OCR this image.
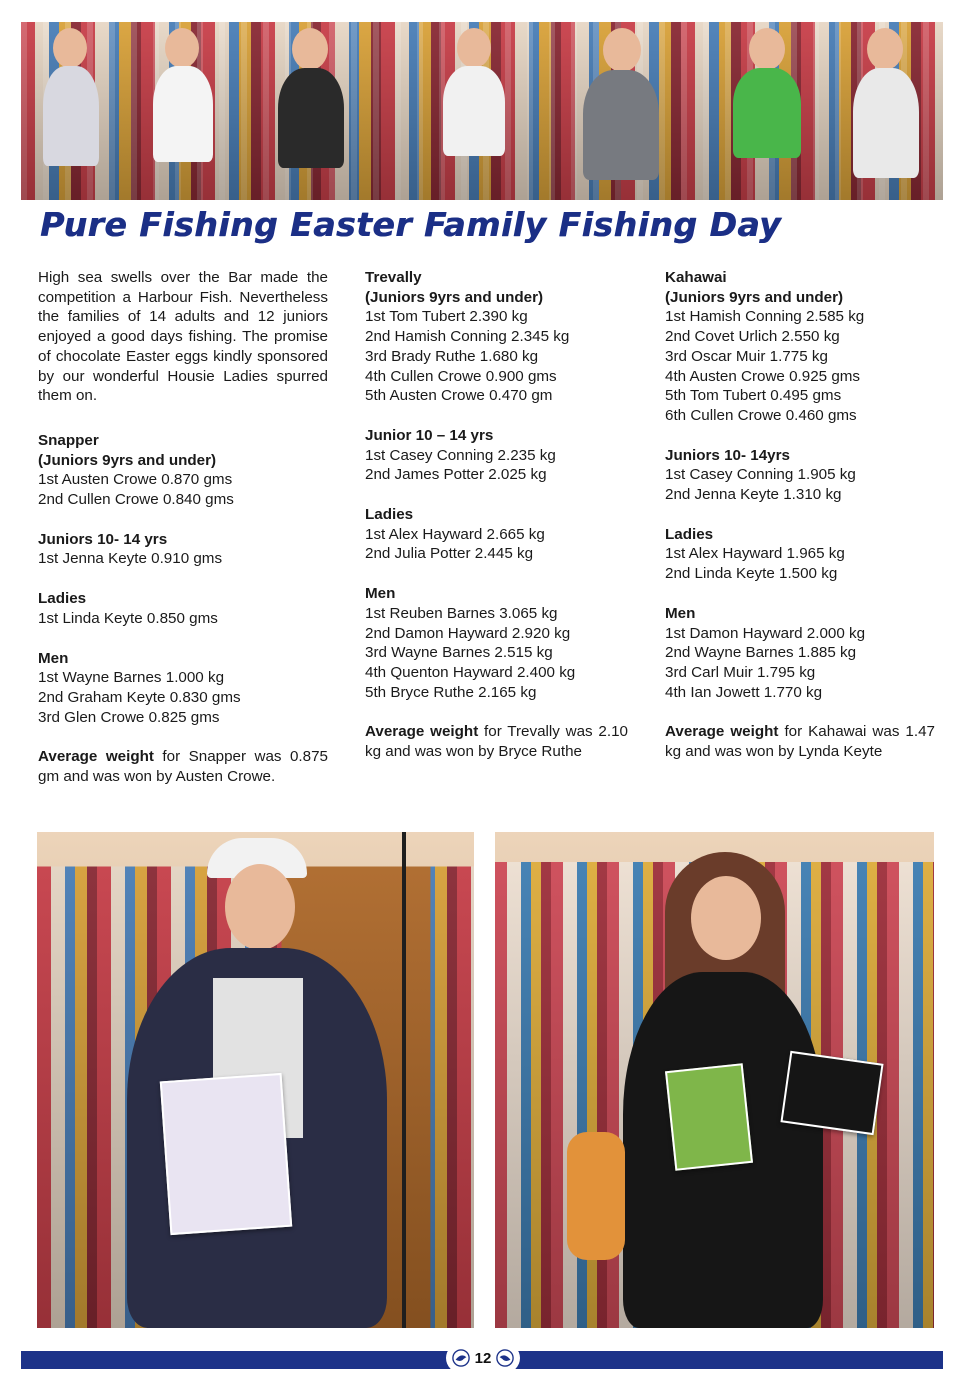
Pure Fishing Easter Family Fishing Day

High sea swells over the Bar made the competition a Harbour Fish. Nevertheless the families of 14 adults and 12 juniors enjoyed a good days fishing. The promise of chocolate Easter eggs kindly sponsored by our wonderful Housie Ladies spurred them on.

Snapper
(Juniors 9yrs and under)
1st Austen Crowe 0.870 gms
2nd Cullen Crowe 0.840 gms
Juniors 10- 14 yrs
1st Jenna Keyte 0.910 gms
Ladies
1st Linda Keyte 0.850 gms
Men
1st Wayne Barnes 1.000 kg
2nd Graham Keyte 0.830 gms
3rd Glen Crowe 0.825 gms

Average weight for Snapper was 0.875 gm and was won by Austen Crowe.

Trevally
(Juniors 9yrs and under)
1st Tom Tubert 2.390 kg
2nd Hamish Conning 2.345 kg
3rd Brady Ruthe 1.680 kg
4th Cullen Crowe 0.900 gms
5th Austen Crowe 0.470 gm
Junior 10 – 14 yrs
1st Casey Conning 2.235 kg
2nd James Potter 2.025 kg
Ladies
1st Alex Hayward 2.665 kg
2nd Julia Potter 2.445 kg
Men
1st Reuben Barnes 3.065 kg
2nd Damon Hayward 2.920 kg
3rd Wayne Barnes 2.515 kg
4th Quenton Hayward 2.400 kg
5th Bryce Ruthe 2.165 kg

Average weight for Trevally was 2.10 kg and was won by Bryce Ruthe

Kahawai
(Juniors 9yrs and under)
1st Hamish Conning 2.585 kg
2nd Covet Urlich 2.550 kg
3rd Oscar Muir 1.775 kg
4th Austen Crowe 0.925 gms
5th Tom Tubert 0.495 gms
6th Cullen Crowe 0.460 gms
Juniors 10- 14yrs
1st Casey Conning 1.905 kg
2nd Jenna Keyte 1.310 kg
Ladies
1st Alex Hayward 1.965 kg
2nd Linda Keyte 1.500 kg
Men
1st Damon Hayward 2.000 kg
2nd Wayne Barnes 1.885 kg
3rd Carl Muir 1.795 kg
4th Ian Jowett 1.770 kg

Average weight for Kahawai was 1.47 kg and was won by Lynda Keyte

12
